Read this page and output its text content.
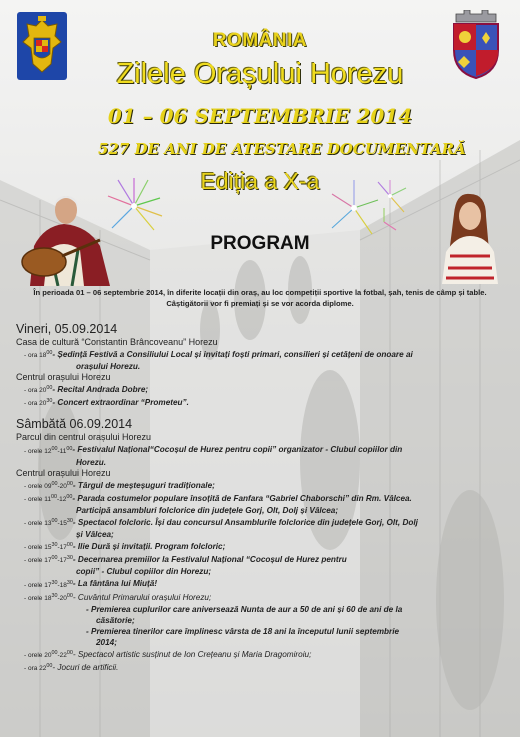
ROMÂNIA
Zilele Orașului Horezu
01 – 06 SEPTEMBRIE 2014
527 DE ANI DE ATESTARE DOCUMENTARĂ
Ediția a X-a
PROGRAM
În perioada 01 – 06 septembrie 2014, în diferite locații din oraș, au loc competiții sportive la fotbal, șah, tenis de câmp și table.
Câștigătorii vor fi premiați și se vor acorda diplome.
Vineri, 05.09.2014
Casa de cultură “Constantin Brâncoveanu” Horezu
- ora $18^{00}-$ Ședință Festivă a Consiliului Local și invitați foști primari, consilieri și cetățeni de onoare ai
orașului Horezu.
Centrul orașului Horezu
- ora $20^{00}-$ Recital Andrada Dobre;
- ora $20^{30}-$ Concert extraordinar “Prometeu”.
Sâmbătă 06.09.2014
Parcul din centrul orașului Horezu
- orele $12^{00}-11^{00}-$ Festivalul Național“Cocoșul de Hurez pentru copii” organizator - Clubul copiilor din
Horezu.
Centrul orașului Horezu
- orele $09^{00}-20^{00}-$ Târgul de meșteșuguri tradiționale;
- orele $11^{00}-12^{00}-$ Parada costumelor populare însoțită de Fanfara “Gabriel Chaborschi” din Rm. Vâlcea.
Participă ansambluri folclorice din județele Gorj, Olt, Dolj și Vâlcea;
- orele $13^{00}-15^{30}-$ Spectacol folcloric. Își dau concursul Ansamblurile folclorice din județele Gorj, Olt, Dolj
și Vâlcea;
- orele $15^{30}-17^{00}-$ Ilie Dură și invitații. Program folcloric;
- orele $17^{00}-17^{30}-$ Decernarea premiilor la Festivalul Național “Cocoșul de Hurez pentru
copii” - Clubul copiilor din Horezu;
- orele $17^{30}-18^{30}-$ La fântâna lui Miuță!
- orele $18^{30}-20^{00}-$ Cuvântul Primarului orașului Horezu;
- Premierea cuplurilor care aniversează Nunta de aur a 50 de ani și 60 de ani de la
căsătorie;
- Premierea tinerilor care împlinesc vârsta de 18 ani la începutul lunii septembrie
2014;
- orele $20^{00}-22^{00}-$ Spectacol artistic susținut de Ion Crețeanu și Maria Dragomiroiu;
- ora $22^{00}-$ Jocuri de artificii.
